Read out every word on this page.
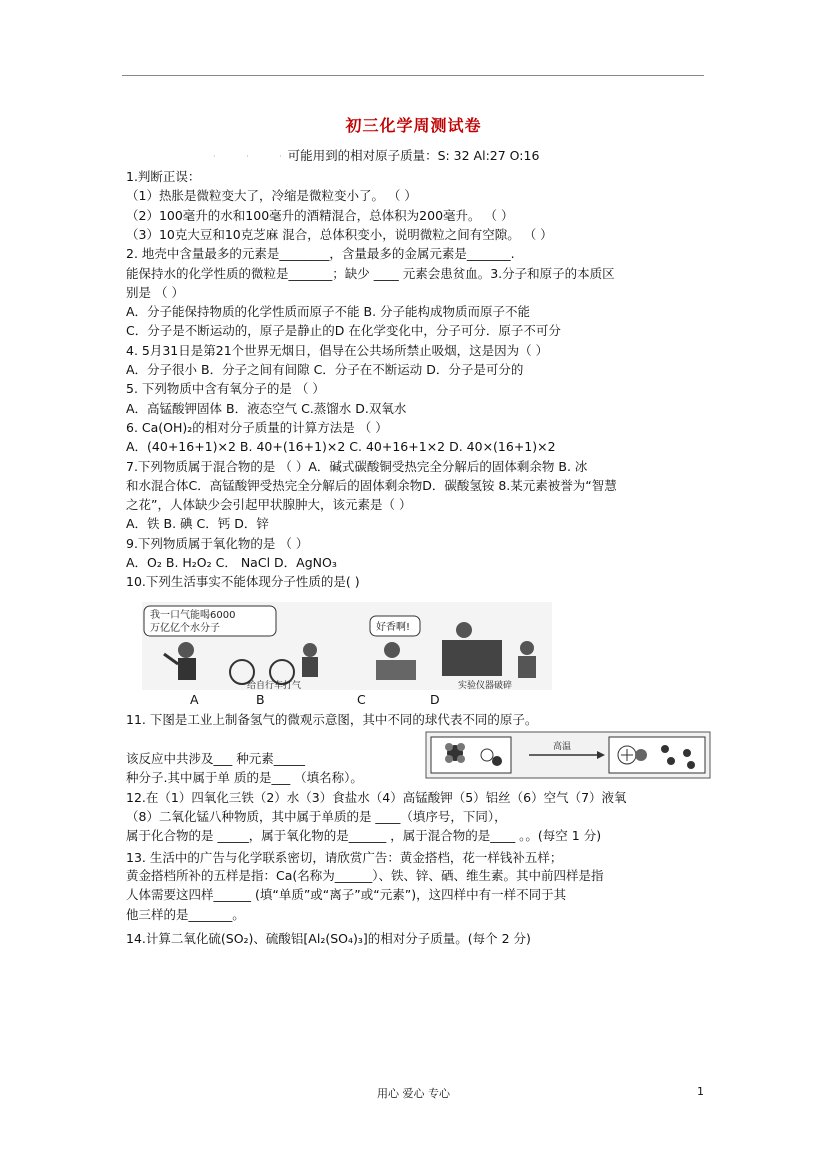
· · ·
初三化学周测试卷
可能用到的相对原子质量：S: 32 Al:27 O:16
1.判断正误：
（1）热胀是微粒变大了，冷缩是微粒变小了。 （ ）
（2）100毫升的水和100毫升的酒精混合，总体积为200毫升。 （ ）
（3）10克大豆和10克芝麻 混合，总体积变小，说明微粒之间有空隙。 （ ）
2. 地壳中含量最多的元素是________，含量最多的金属元素是_______.
能保持水的化学性质的微粒是_______；缺少 ____ 元素会患贫血。3.分子和原子的本质区
别是 （ ）
A．分子能保持物质的化学性质而原子不能 B. 分子能构成物质而原子不能
C．分子是不断运动的，原子是静止的D 在化学变化中，分子可分．原子不可分
4. 5月31日是第21个世界无烟日，倡导在公共场所禁止吸烟，这是因为（ ）
A．分子很小 B．分子之间有间隙 C．分子在不断运动 D．分子是可分的
5. 下列物质中含有氧分子的是 （ ）
A．高锰酸钾固体 B．液态空气 C.蒸馏水 D.双氧水
6. Ca(OH)₂的相对分子质量的计算方法是 （ ）
A．(40+16+1)×2 B. 40+(16+1)×2 C. 40+16+1×2 D. 40×(16+1)×2
7.下列物质属于混合物的是 （ ）A．碱式碳酸铜受热完全分解后的固体剩余物 B. 冰
和水混合体C．高锰酸钾受热完全分解后的固体剩余物D．碳酸氢铵 8.某元素被誉为“智慧
之花”，人体缺少会引起甲状腺肿大，该元素是（ ）
A．铁 B. 碘 C．钙 D．锌
9.下列物质属于氧化物的是 （ ）
A．O₂ B. H₂O₂ C． NaCl D．AgNO₃
10.下列生活事实不能体现分子性质的是( )
我一口气能喝6000
万亿亿个水分子
给自行车打气
好香啊!
实验仪器破碎
A	B	C	D
11. 下图是工业上制备氢气的微观示意图，其中不同的球代表不同的原子。
该反应中共涉及___ 种元素_____
种分子.其中属于单 质的是___ （填名称）。
12.在（1）四氧化三铁（2）水（3）食盐水（4）高锰酸钾（5）铝丝（6）空气（7）液氧
（8）二氧化锰八种物质，其中属于单质的是 ____（填序号，下同），
属于化合物的是 _____，属于氧化物的是______ ，属于混合物的是____ 。。(每空 1 分)
13. 生活中的广告与化学联系密切，请欣赏广告：黄金搭档，花一样钱补五样；
黄金搭档所补的五样是指：Ca(名称为______）、铁、锌、硒、维生素。其中前四样是指
人体需要这四样______ (填“单质”或“离子”或“元素”)，这四样中有一样不同于其
他三样的是_______。
14.计算二氧化硫(SO₂)、硫酸铝[Al₂(SO₄)₃]的相对分子质量。(每个 2 分)
高温
用心 爱心 专心	1
